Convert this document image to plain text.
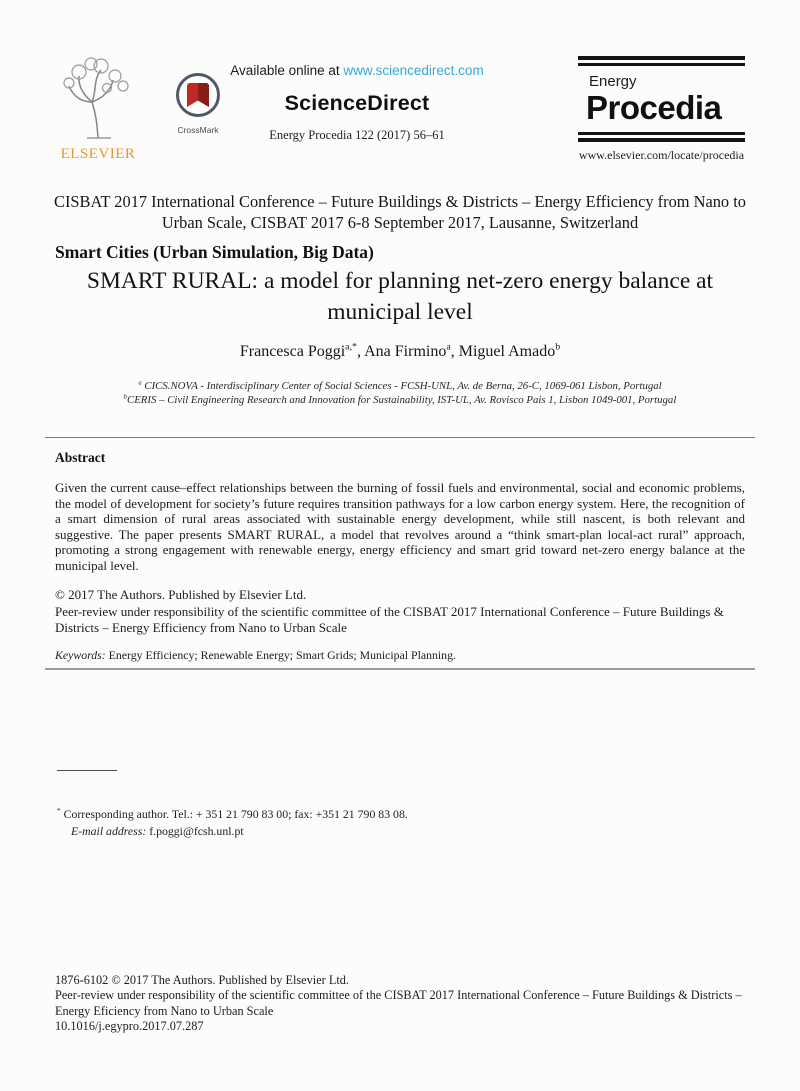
ELSEVIER
CrossMark
Available online at www.sciencedirect.com
ScienceDirect
Energy Procedia 122 (2017) 56–61
Energy
Procedia
www.elsevier.com/locate/procedia
CISBAT 2017 International Conference – Future Buildings & Districts – Energy Efficiency from Nano to Urban Scale, CISBAT 2017 6-8 September 2017, Lausanne, Switzerland
Smart Cities (Urban Simulation, Big Data)
SMART RURAL: a model for planning net-zero energy balance at municipal level
Francesca Poggi$^{a,*}$, Ana Firmino$^a$, Miguel Amado$^b$
$^a$ CICS.NOVA - Interdisciplinary Center of Social Sciences - FCSH-UNL, Av. de Berna, 26-C, 1069-061 Lisbon, Portugal
$^b$CERIS – Civil Engineering Research and Innovation for Sustainability, IST-UL, Av. Rovisco Pais 1, Lisbon 1049-001, Portugal
Abstract
Given the current cause–effect relationships between the burning of fossil fuels and environmental, social and economic problems, the model of development for society’s future requires transition pathways for a low carbon energy system. Here, the recognition of a smart dimension of rural areas associated with sustainable energy development, while still nascent, is both relevant and suggestive. The paper presents SMART RURAL, a model that revolves around a “think smart-plan local-act rural” approach, promoting a strong engagement with renewable energy, energy efficiency and smart grid toward net-zero energy balance at the municipal level.
© 2017 The Authors. Published by Elsevier Ltd.
Peer-review under responsibility of the scientific committee of the CISBAT 2017 International Conference – Future Buildings & Districts – Energy Efficiency from Nano to Urban Scale
Keywords: Energy Efficiency; Renewable Energy; Smart Grids; Municipal Planning.
* Corresponding author. Tel.: + 351 21 790 83 00; fax: +351 21 790 83 08.
E-mail address: f.poggi@fcsh.unl.pt
1876-6102 © 2017 The Authors. Published by Elsevier Ltd.
Peer-review under responsibility of the scientific committee of the CISBAT 2017 International Conference – Future Buildings & Districts – Energy Eficiency from Nano to Urban Scale
10.1016/j.egypro.2017.07.287
